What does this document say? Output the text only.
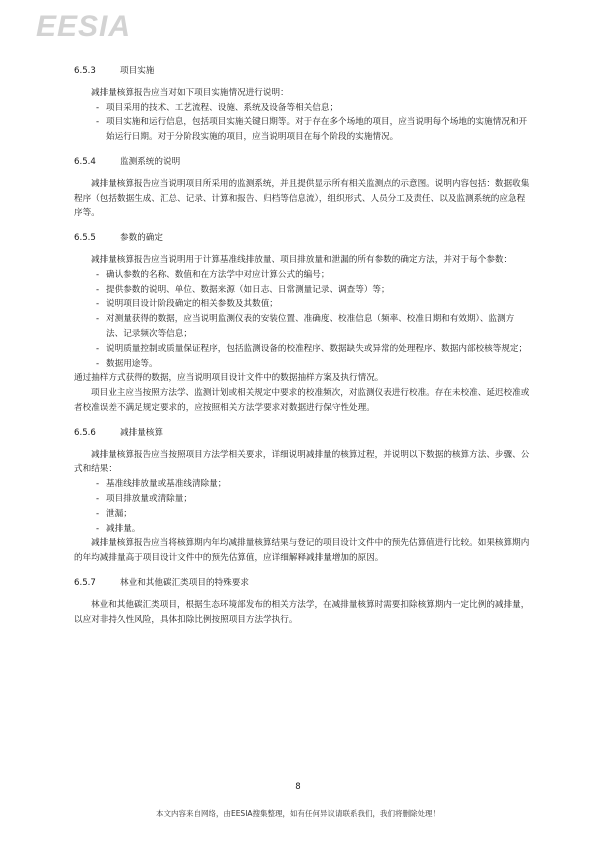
EESIA
6.5.3	项目实施

减排量核算报告应当对如下项目实施情况进行说明：

- 项目采用的技术、工艺流程、设施、系统及设备等相关信息；
- 项目实施和运行信息，包括项目实施关键日期等。对于存在多个场地的项目，应当说明每个场地的实施情况和开始运行日期。对于分阶段实施的项目，应当说明项目在每个阶段的实施情况。
6.5.4	监测系统的说明

减排量核算报告应当说明项目所采用的监测系统，并且提供显示所有相关监测点的示意图。说明内容包括：数据收集程序（包括数据生成、汇总、记录、计算和报告、归档等信息流），组织形式、人员分工及责任、以及监测系统的应急程序等。

6.5.5	参数的确定

减排量核算报告应当说明用于计算基准线排放量、项目排放量和泄漏的所有参数的确定方法，并对于每个参数：

- 确认参数的名称、数值和在方法学中对应计算公式的编号；
- 提供参数的说明、单位、数据来源（如日志、日常测量记录、调查等）等；
- 说明项目设计阶段确定的相关参数及其数值；
- 对测量获得的数据，应当说明监测仪表的安装位置、准确度、校准信息（频率、校准日期和有效期）、监测方法、记录频次等信息；
- 说明质量控制或质量保证程序，包括监测设备的校准程序、数据缺失或异常的处理程序、数据内部校核等规定；
- 数据用途等。

通过抽样方式获得的数据，应当说明项目设计文件中的数据抽样方案及执行情况。

项目业主应当按照方法学、监测计划或相关规定中要求的校准频次，对监测仪表进行校准。存在未校准、延迟校准或者校准误差不满足规定要求的，应按照相关方法学要求对数据进行保守性处理。

6.5.6	减排量核算

减排量核算报告应当按照项目方法学相关要求，详细说明减排量的核算过程，并说明以下数据的核算方法、步骤、公式和结果：

- 基准线排放量或基准线清除量；
- 项目排放量或清除量；
- 泄漏；
- 减排量。

减排量核算报告应当将核算期内年均减排量核算结果与登记的项目设计文件中的预先估算值进行比较。如果核算期内的年均减排量高于项目设计文件中的预先估算值，应详细解释减排量增加的原因。

6.5.7	林业和其他碳汇类项目的特殊要求

林业和其他碳汇类项目，根据生态环境部发布的相关方法学，在减排量核算时需要扣除核算期内一定比例的减排量，以应对非持久性风险，具体扣除比例按照项目方法学执行。

8
本文内容来自网络，由EESIA搜集整理，如有任何异议请联系我们，我们将删除处理！
